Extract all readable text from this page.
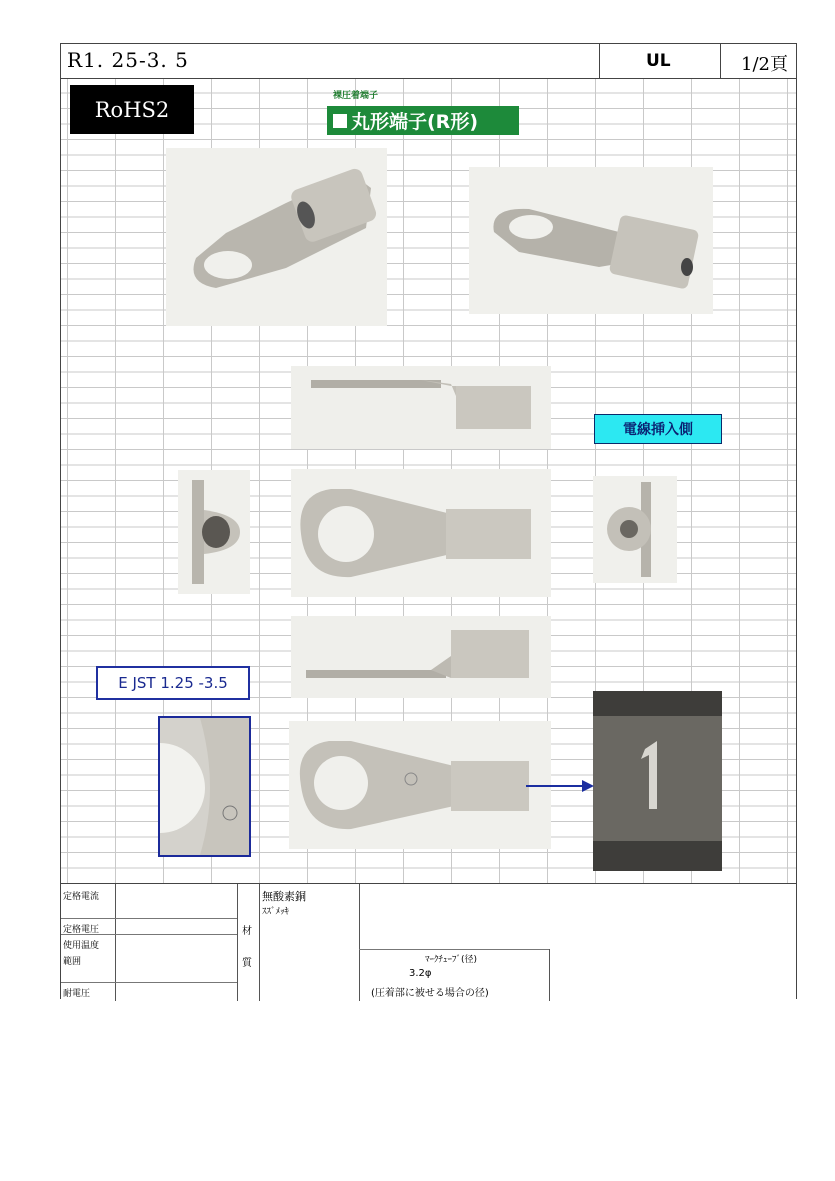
R1. 25-3. 5	UL	1/2頁
RoHS2
裸圧着端子
丸形端子(R形)
電線挿入側
E JST 1.25 -3.5
定格電流
定格電圧
使用温度
範囲
耐電圧
材
質
無酸素銅
ｽｽﾞﾒｯｷ
ﾏｰｸﾁｭｰﾌﾞ(径)
3.2φ
(圧着部に被せる場合の径)
